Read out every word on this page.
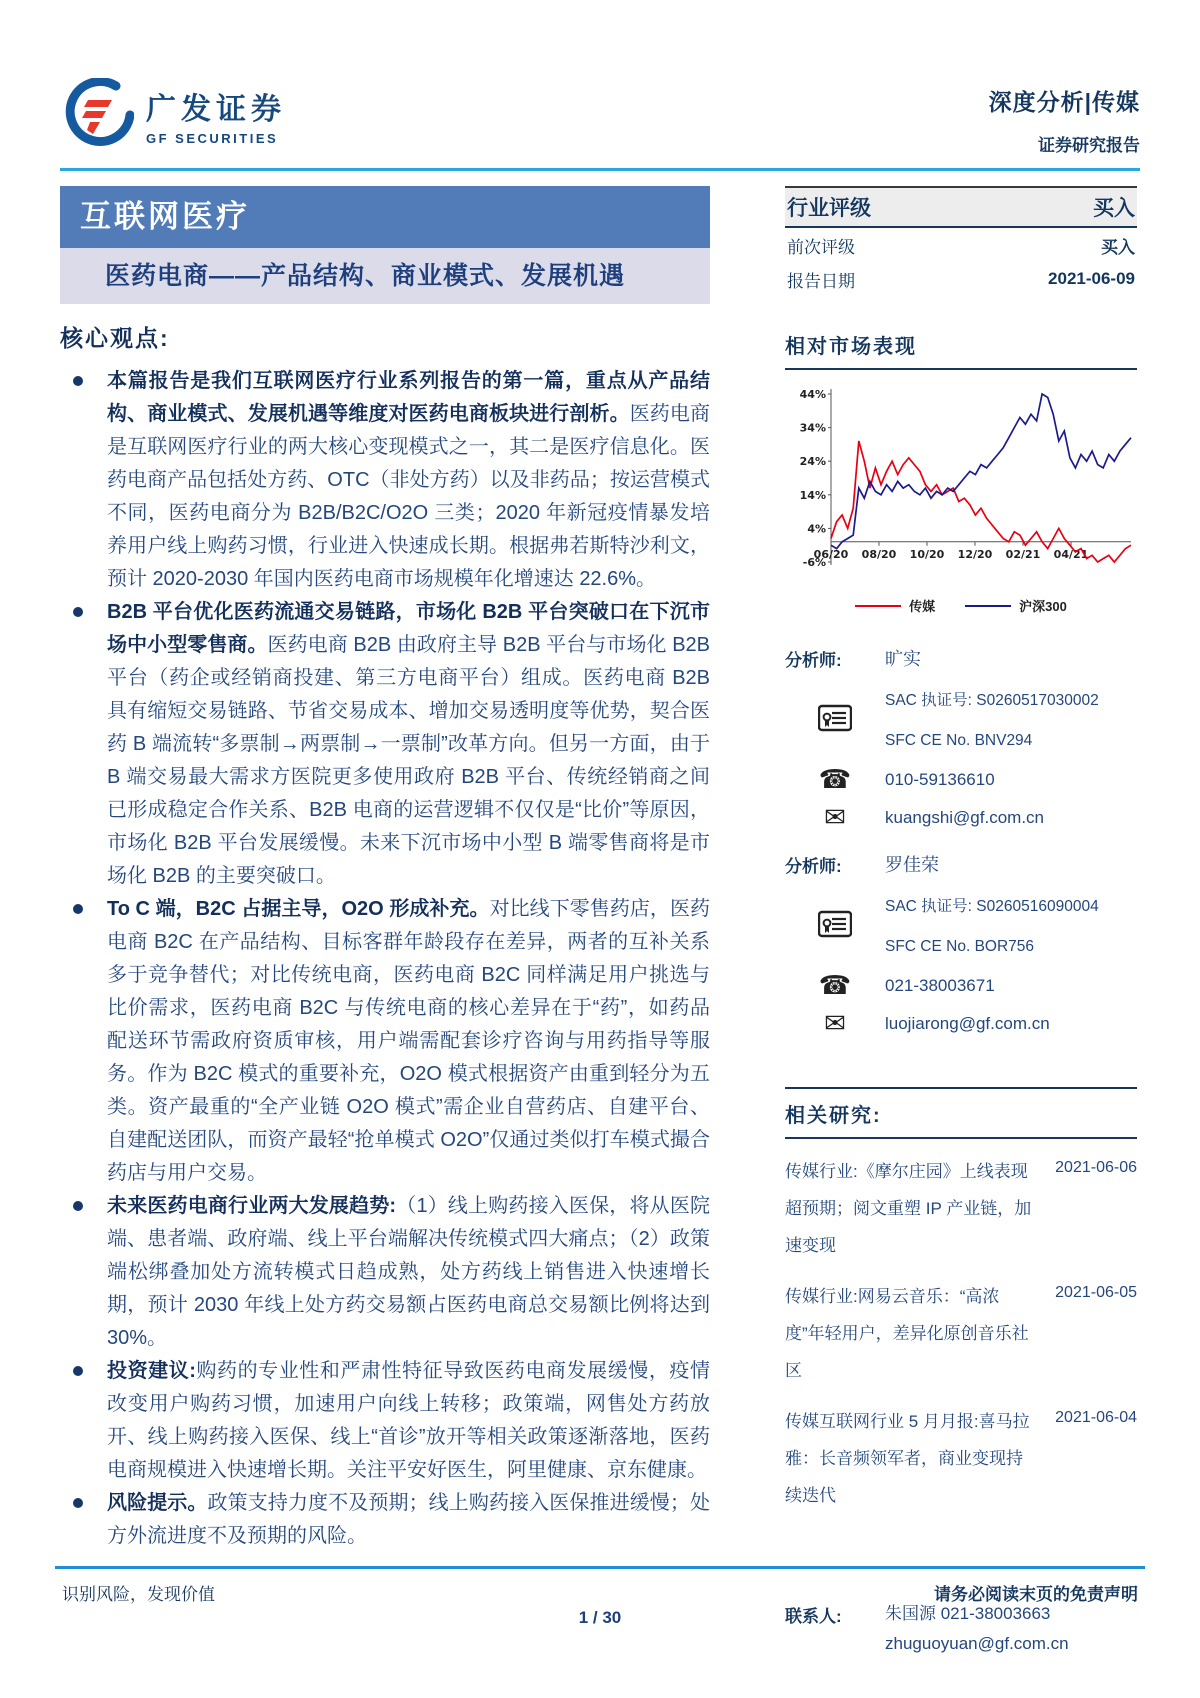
广发证券
GF SECURITIES
深度分析|传媒
证券研究报告
互联网医疗
医药电商——产品结构、商业模式、发展机遇
核心观点:
本篇报告是我们互联网医疗行业系列报告的第一篇，重点从产品结构、商业模式、发展机遇等维度对医药电商板块进行剖析。医药电商是互联网医疗行业的两大核心变现模式之一，其二是医疗信息化。医药电商产品包括处方药、OTC（非处方药）以及非药品；按运营模式不同，医药电商分为 B2B/B2C/O2O 三类；2020 年新冠疫情暴发培养用户线上购药习惯，行业进入快速成长期。根据弗若斯特沙利文，预计 2020-2030 年国内医药电商市场规模年化增速达 22.6%。
B2B 平台优化医药流通交易链路，市场化 B2B 平台突破口在下沉市场中小型零售商。医药电商 B2B 由政府主导 B2B 平台与市场化 B2B 平台（药企或经销商投建、第三方电商平台）组成。医药电商 B2B 具有缩短交易链路、节省交易成本、增加交易透明度等优势，契合医药 B 端流转“多票制→两票制→一票制”改革方向。但另一方面，由于 B 端交易最大需求方医院更多使用政府 B2B 平台、传统经销商之间已形成稳定合作关系、B2B 电商的运营逻辑不仅仅是“比价”等原因，市场化 B2B 平台发展缓慢。未来下沉市场中小型 B 端零售商将是市场化 B2B 的主要突破口。
To C 端，B2C 占据主导，O2O 形成补充。对比线下零售药店，医药电商 B2C 在产品结构、目标客群年龄段存在差异，两者的互补关系多于竞争替代；对比传统电商，医药电商 B2C 同样满足用户挑选与比价需求，医药电商 B2C 与传统电商的核心差异在于“药”，如药品配送环节需政府资质审核，用户端需配套诊疗咨询与用药指导等服务。作为 B2C 模式的重要补充，O2O 模式根据资产由重到轻分为五类。资产最重的“全产业链 O2O 模式”需企业自营药店、自建平台、自建配送团队，而资产最轻“抢单模式 O2O”仅通过类似打车模式撮合药店与用户交易。
未来医药电商行业两大发展趋势:（1）线上购药接入医保，将从医院端、患者端、政府端、线上平台端解决传统模式四大痛点；（2）政策端松绑叠加处方流转模式日趋成熟，处方药线上销售进入快速增长期，预计 2030 年线上处方药交易额占医药电商总交易额比例将达到 30%。
投资建议:购药的专业性和严肃性特征导致医药电商发展缓慢，疫情改变用户购药习惯，加速用户向线上转移；政策端，网售处方药放开、线上购药接入医保、线上“首诊”放开等相关政策逐渐落地，医药电商规模进入快速增长期。关注平安好医生，阿里健康、京东健康。
风险提示。政策支持力度不及预期；线上购药接入医保推进缓慢；处方外流进度不及预期的风险。
行业评级	买入
前次评级	买入
报告日期	2021-06-09
相对市场表现
44%
34%
24%
14%
4%
-6%
06/20 08/20 10/20 12/20 02/21 04/21
传媒	沪深300
分析师:	旷实
SAC 执证号: S0260517030002
SFC CE No. BNV294
☎	010-59136610
✉	kuangshi@gf.com.cn
分析师:	罗佳荣
SAC 执证号: S0260516090004
SFC CE No. BOR756
☎	021-38003671
✉	luojiarong@gf.com.cn
相关研究:
传媒行业:《摩尔庄园》上线表现超预期；阅文重塑 IP 产业链，加速变现
2021-06-06
传媒行业:网易云音乐：“高浓度”年轻用户，差异化原创音乐社区
2021-06-05
传媒互联网行业 5 月月报:喜马拉雅：长音频领军者，商业变现持续迭代
2021-06-04
联系人:	朱国源 021-38003663
zhuguoyuan@gf.com.cn
识别风险，发现价值	请务必阅读末页的免责声明
1 / 30
